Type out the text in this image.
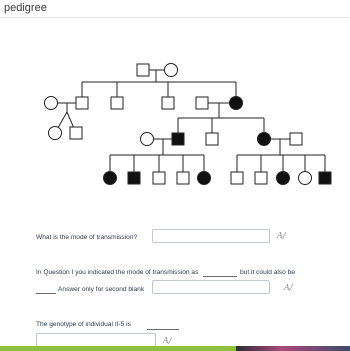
pedigree
What is the mode of transmission?	A/
In Question I you indicated the mode of transmission as	but it could also be
Answer only for second blank	A/
The genotype of individual II-5 is
A/
